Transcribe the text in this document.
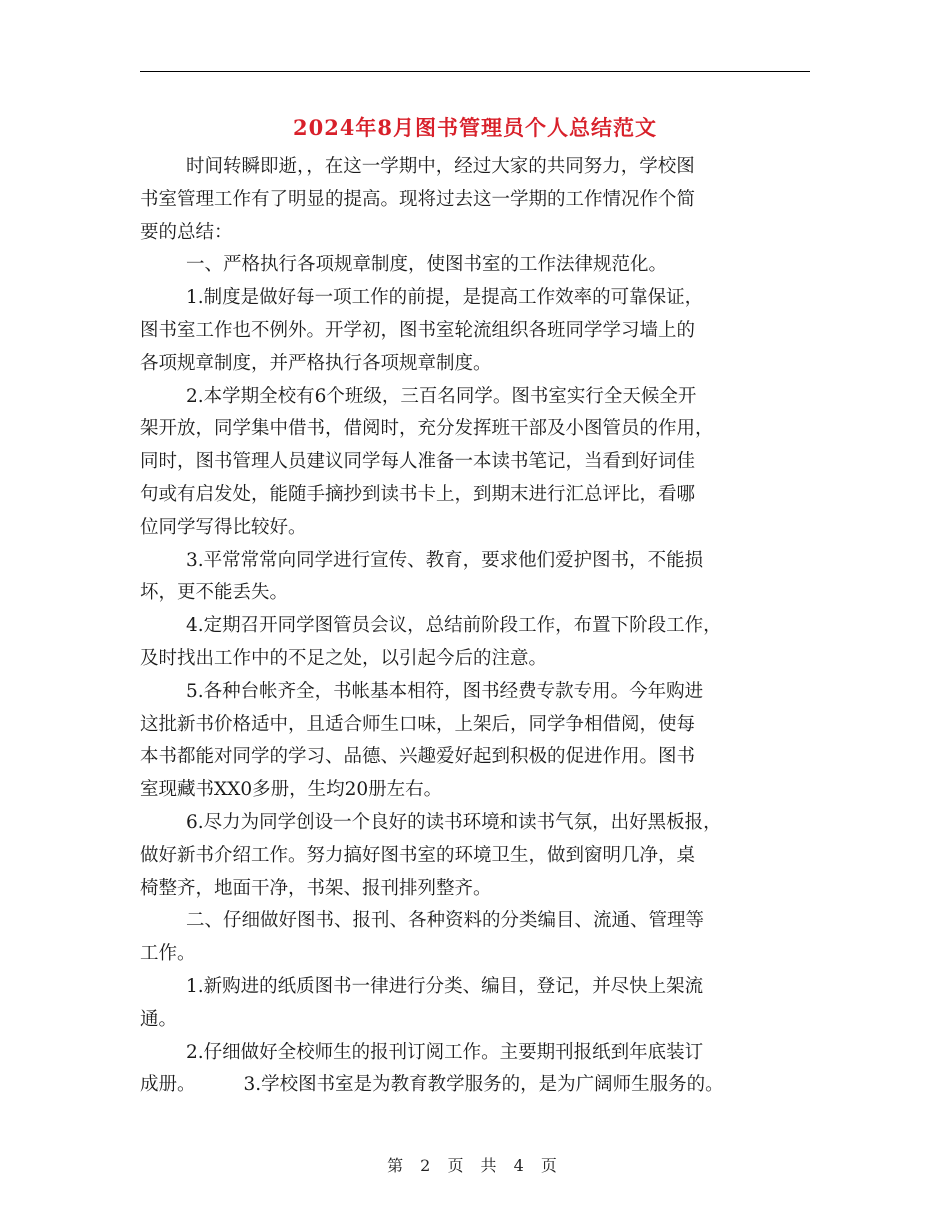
2024年8月图书管理员个人总结范文
时间转瞬即逝，，在这一学期中，经过大家的共同努力，学校图
书室管理工作有了明显的提高。现将过去这一学期的工作情况作个简
要的总结：
一、严格执行各项规章制度，使图书室的工作法律规范化。
1.制度是做好每一项工作的前提，是提高工作效率的可靠保证，
图书室工作也不例外。开学初，图书室轮流组织各班同学学习墙上的
各项规章制度，并严格执行各项规章制度。
2.本学期全校有6个班级，三百名同学。图书室实行全天候全开
架开放，同学集中借书，借阅时，充分发挥班干部及小图管员的作用，
同时，图书管理人员建议同学每人准备一本读书笔记，当看到好词佳
句或有启发处，能随手摘抄到读书卡上，到期末进行汇总评比，看哪
位同学写得比较好。
3.平常常常向同学进行宣传、教育，要求他们爱护图书，不能损
坏，更不能丢失。
4.定期召开同学图管员会议，总结前阶段工作，布置下阶段工作，
及时找出工作中的不足之处，以引起今后的注意。
5.各种台帐齐全，书帐基本相符，图书经费专款专用。今年购进
这批新书价格适中，且适合师生口味，上架后，同学争相借阅，使每
本书都能对同学的学习、品德、兴趣爱好起到积极的促进作用。图书
室现藏书XX0多册，生均20册左右。
6.尽力为同学创设一个良好的读书环境和读书气氛，出好黑板报，
做好新书介绍工作。努力搞好图书室的环境卫生，做到窗明几净，桌
椅整齐，地面干净，书架、报刊排列整齐。
二、仔细做好图书、报刊、各种资料的分类编目、流通、管理等
工作。
1.新购进的纸质图书一律进行分类、编目，登记，并尽快上架流
通。
2.仔细做好全校师生的报刊订阅工作。主要期刊报纸到年底装订
成册。	3.学校图书室是为教育教学服务的，是为广阔师生服务的。
第 2 页 共 4 页
